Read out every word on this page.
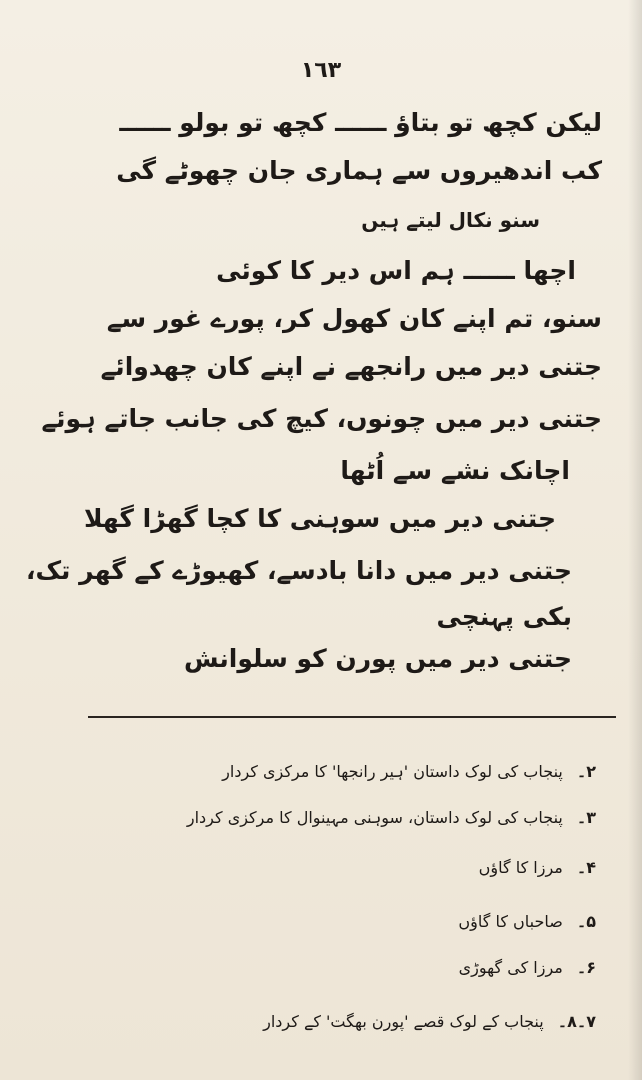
١٦٣
لیکن کچھ تو بتاؤ ــــــ کچھ تو بولو ــــــ
کب اندھیروں سے ہماری جان چھوٹے گی
سنو نکال لیتے ہیں
اچھا ــــــ ہم اس دیر کا کوئی
سنو، تم اپنے کان کھول کر، پورے غور سے
جتنی دیر میں رانجھے نے اپنے کان چھدوائے
جتنی دیر میں چونوں، کیچ کی جانب جاتے ہوئے
اچانک نشے سے اُٹھا
جتنی دیر میں سوہنی کا کچا گھڑا گھلا
جتنی دیر میں دانا بادسے، کھیوڑے کے گھر تک،
بکی پہنچی
جتنی دیر میں پورن کو سلوانش
۲۔پنجاب کی لوک داستان 'ہیر رانجھا' کا مرکزی کردار
۳۔پنجاب کی لوک داستان، سوہنی مہینوال کا مرکزی کردار
۴۔مرزا کا گاؤں
۵۔صاحباں کا گاؤں
۶۔مرزا کی گھوڑی
۷۔۸۔پنجاب کے لوک قصے 'پورن بھگت' کے کردار
